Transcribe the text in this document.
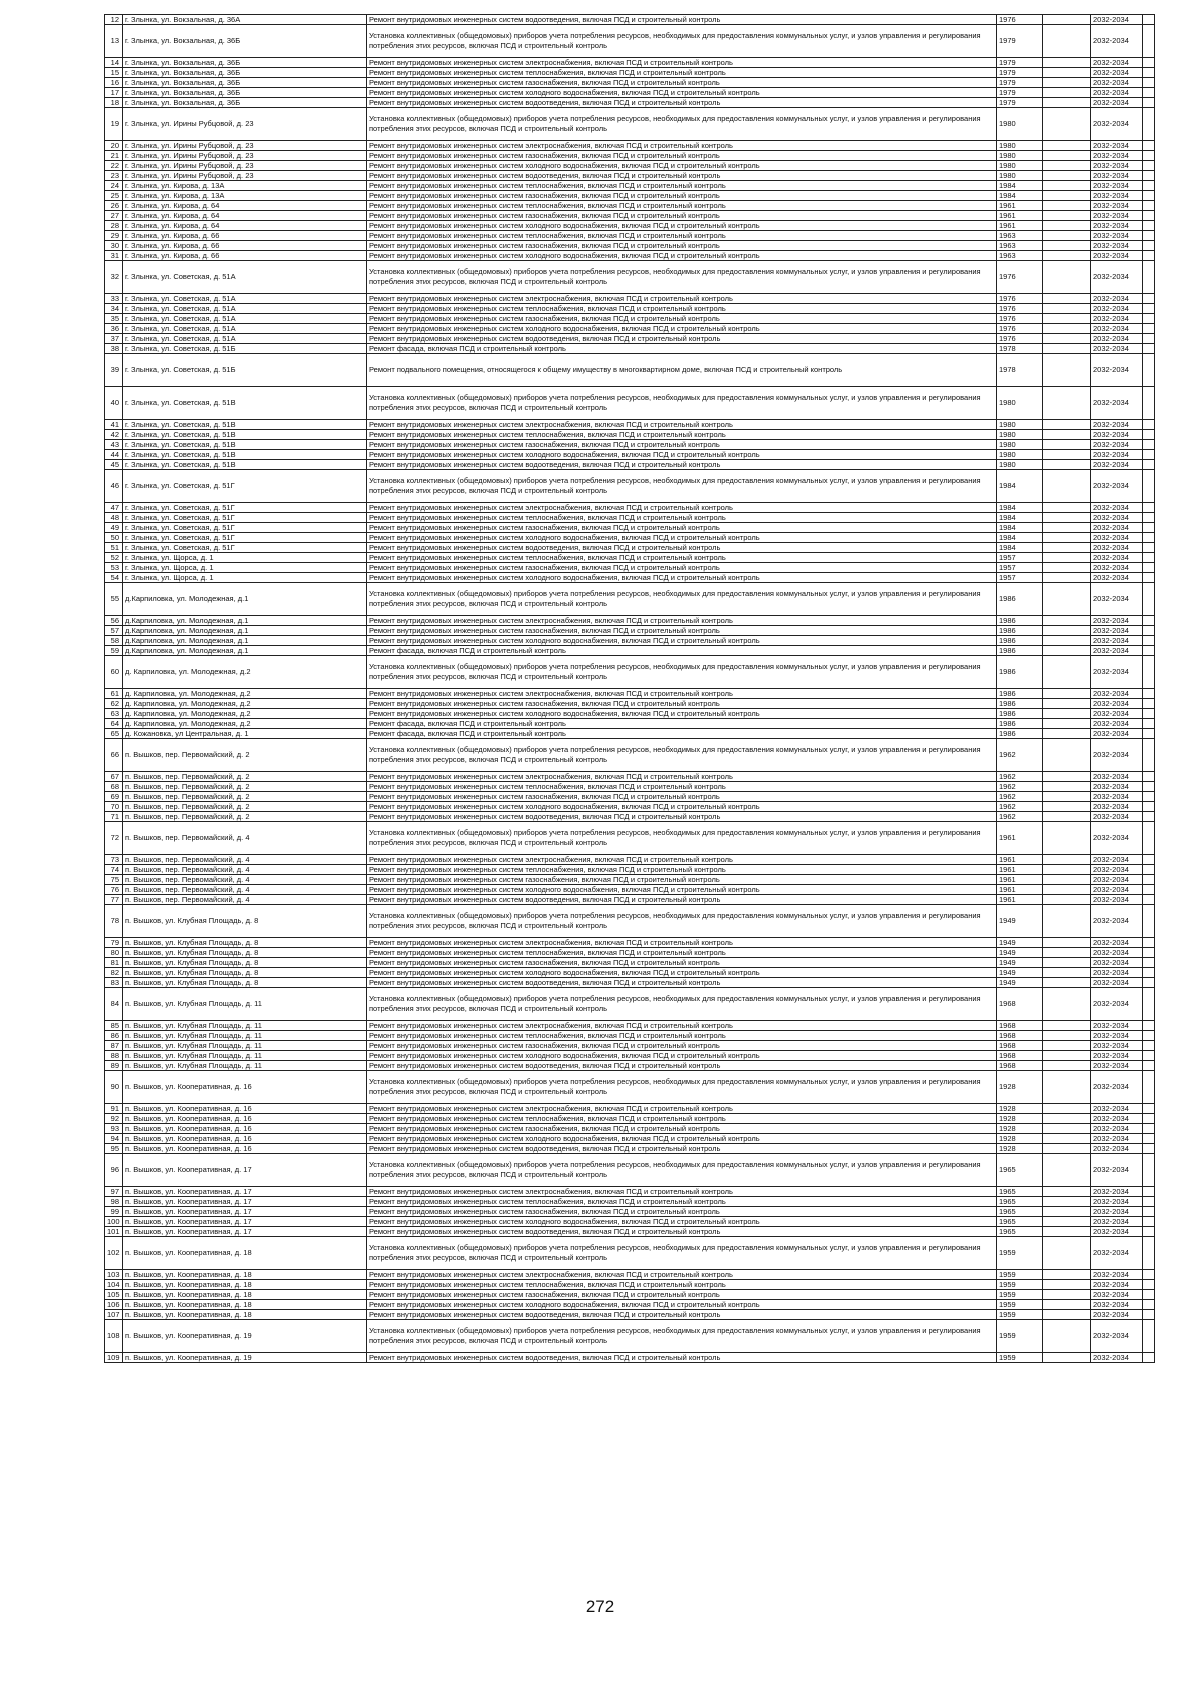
12	г. Злынка, ул. Вокзальная, д. 36А	Ремонт внутридомовых инженерных систем водоотведения, включая ПСД и строительный контроль	1976		2032-2034	
13	г. Злынка, ул. Вокзальная, д. 36Б	Установка коллективных (общедомовых) приборов учета потребления ресурсов, необходимых для предоставления коммунальных услуг, и узлов управления и регулирования потребления этих ресурсов, включая ПСД и строительный контроль	1979		2032-2034	
14	г. Злынка, ул. Вокзальная, д. 36Б	Ремонт внутридомовых инженерных систем электроснабжения, включая ПСД и строительный контроль	1979		2032-2034	
15	г. Злынка, ул. Вокзальная, д. 36Б	Ремонт внутридомовых инженерных систем теплоснабжения, включая ПСД и строительный контроль	1979		2032-2034	
16	г. Злынка, ул. Вокзальная, д. 36Б	Ремонт внутридомовых инженерных систем газоснабжения, включая ПСД и строительный контроль	1979		2032-2034	
17	г. Злынка, ул. Вокзальная, д. 36Б	Ремонт внутридомовых инженерных систем холодного водоснабжения, включая ПСД и строительный контроль	1979		2032-2034	
18	г. Злынка, ул. Вокзальная, д. 36Б	Ремонт внутридомовых инженерных систем водоотведения, включая ПСД и строительный контроль	1979		2032-2034	
19	г. Злынка, ул. Ирины Рубцовой, д. 23	Установка коллективных (общедомовых) приборов учета потребления ресурсов, необходимых для предоставления коммунальных услуг, и узлов управления и регулирования потребления этих ресурсов, включая ПСД и строительный контроль	1980		2032-2034	
20	г. Злынка, ул. Ирины Рубцовой, д. 23	Ремонт внутридомовых инженерных систем электроснабжения, включая ПСД и строительный контроль	1980		2032-2034	
21	г. Злынка, ул. Ирины Рубцовой, д. 23	Ремонт внутридомовых инженерных систем газоснабжения, включая ПСД и строительный контроль	1980		2032-2034	
22	г. Злынка, ул. Ирины Рубцовой, д. 23	Ремонт внутридомовых инженерных систем холодного водоснабжения, включая ПСД и строительный контроль	1980		2032-2034	
23	г. Злынка, ул. Ирины Рубцовой, д. 23	Ремонт внутридомовых инженерных систем водоотведения, включая ПСД и строительный контроль	1980		2032-2034	
24	г. Злынка, ул. Кирова, д. 13А	Ремонт внутридомовых инженерных систем теплоснабжения, включая ПСД и строительный контроль	1984		2032-2034	
25	г. Злынка, ул. Кирова, д. 13А	Ремонт внутридомовых инженерных систем газоснабжения, включая ПСД и строительный контроль	1984		2032-2034	
26	г. Злынка, ул. Кирова, д. 64	Ремонт внутридомовых инженерных систем теплоснабжения, включая ПСД и строительный контроль	1961		2032-2034	
27	г. Злынка, ул. Кирова, д. 64	Ремонт внутридомовых инженерных систем газоснабжения, включая ПСД и строительный контроль	1961		2032-2034	
28	г. Злынка, ул. Кирова, д. 64	Ремонт внутридомовых инженерных систем холодного водоснабжения, включая ПСД и строительный контроль	1961		2032-2034	
29	г. Злынка, ул. Кирова, д. 66	Ремонт внутридомовых инженерных систем теплоснабжения, включая ПСД и строительный контроль	1963		2032-2034	
30	г. Злынка, ул. Кирова, д. 66	Ремонт внутридомовых инженерных систем газоснабжения, включая ПСД и строительный контроль	1963		2032-2034	
31	г. Злынка, ул. Кирова, д. 66	Ремонт внутридомовых инженерных систем холодного водоснабжения, включая ПСД и строительный контроль	1963		2032-2034	
32	г. Злынка, ул. Советская, д. 51А	Установка коллективных (общедомовых) приборов учета потребления ресурсов, необходимых для предоставления коммунальных услуг, и узлов управления и регулирования потребления этих ресурсов, включая ПСД и строительный контроль	1976		2032-2034	
33	г. Злынка, ул. Советская, д. 51А	Ремонт внутридомовых инженерных систем электроснабжения, включая ПСД и строительный контроль	1976		2032-2034	
34	г. Злынка, ул. Советская, д. 51А	Ремонт внутридомовых инженерных систем теплоснабжения, включая ПСД и строительный контроль	1976		2032-2034	
35	г. Злынка, ул. Советская, д. 51А	Ремонт внутридомовых инженерных систем газоснабжения, включая ПСД и строительный контроль	1976		2032-2034	
36	г. Злынка, ул. Советская, д. 51А	Ремонт внутридомовых инженерных систем холодного водоснабжения, включая ПСД и строительный контроль	1976		2032-2034	
37	г. Злынка, ул. Советская, д. 51А	Ремонт внутридомовых инженерных систем водоотведения, включая ПСД и строительный контроль	1976		2032-2034	
38	г. Злынка, ул. Советская, д. 51Б	Ремонт фасада, включая ПСД и строительный контроль	1978		2032-2034	
39	г. Злынка, ул. Советская, д. 51Б	Ремонт подвального помещения, относящегося к общему имуществу в многоквартирном доме, включая ПСД и строительный контроль	1978		2032-2034	
40	г. Злынка, ул. Советская, д. 51В	Установка коллективных (общедомовых) приборов учета потребления ресурсов, необходимых для предоставления коммунальных услуг, и узлов управления и регулирования потребления этих ресурсов, включая ПСД и строительный контроль	1980		2032-2034	
41	г. Злынка, ул. Советская, д. 51В	Ремонт внутридомовых инженерных систем электроснабжения, включая ПСД и строительный контроль	1980		2032-2034	
42	г. Злынка, ул. Советская, д. 51В	Ремонт внутридомовых инженерных систем теплоснабжения, включая ПСД и строительный контроль	1980		2032-2034	
43	г. Злынка, ул. Советская, д. 51В	Ремонт внутридомовых инженерных систем газоснабжения, включая ПСД и строительный контроль	1980		2032-2034	
44	г. Злынка, ул. Советская, д. 51В	Ремонт внутридомовых инженерных систем холодного водоснабжения, включая ПСД и строительный контроль	1980		2032-2034	
45	г. Злынка, ул. Советская, д. 51В	Ремонт внутридомовых инженерных систем водоотведения, включая ПСД и строительный контроль	1980		2032-2034	
46	г. Злынка, ул. Советская, д. 51Г	Установка коллективных (общедомовых) приборов учета потребления ресурсов, необходимых для предоставления коммунальных услуг, и узлов управления и регулирования потребления этих ресурсов, включая ПСД и строительный контроль	1984		2032-2034	
47	г. Злынка, ул. Советская, д. 51Г	Ремонт внутридомовых инженерных систем электроснабжения, включая ПСД и строительный контроль	1984		2032-2034	
48	г. Злынка, ул. Советская, д. 51Г	Ремонт внутридомовых инженерных систем теплоснабжения, включая ПСД и строительный контроль	1984		2032-2034	
49	г. Злынка, ул. Советская, д. 51Г	Ремонт внутридомовых инженерных систем газоснабжения, включая ПСД и строительный контроль	1984		2032-2034	
50	г. Злынка, ул. Советская, д. 51Г	Ремонт внутридомовых инженерных систем холодного водоснабжения, включая ПСД и строительный контроль	1984		2032-2034	
51	г. Злынка, ул. Советская, д. 51Г	Ремонт внутридомовых инженерных систем водоотведения, включая ПСД и строительный контроль	1984		2032-2034	
52	г. Злынка, ул. Щорса, д. 1	Ремонт внутридомовых инженерных систем теплоснабжения, включая ПСД и строительный контроль	1957		2032-2034	
53	г. Злынка, ул. Щорса, д. 1	Ремонт внутридомовых инженерных систем газоснабжения, включая ПСД и строительный контроль	1957		2032-2034	
54	г. Злынка, ул. Щорса, д. 1	Ремонт внутридомовых инженерных систем холодного водоснабжения, включая ПСД и строительный контроль	1957		2032-2034	
55	д.Карпиловка, ул. Молодежная, д.1	Установка коллективных (общедомовых) приборов учета потребления ресурсов, необходимых для предоставления коммунальных услуг, и узлов управления и регулирования потребления этих ресурсов, включая ПСД и строительный контроль	1986		2032-2034	
56	д.Карпиловка, ул. Молодежная, д.1	Ремонт внутридомовых инженерных систем электроснабжения, включая ПСД и строительный контроль	1986		2032-2034	
57	д.Карпиловка, ул. Молодежная, д.1	Ремонт внутридомовых инженерных систем газоснабжения, включая ПСД и строительный контроль	1986		2032-2034	
58	д.Карпиловка, ул. Молодежная, д.1	Ремонт внутридомовых инженерных систем холодного водоснабжения, включая ПСД и строительный контроль	1986		2032-2034	
59	д.Карпиловка, ул. Молодежная, д.1	Ремонт фасада, включая ПСД и строительный контроль	1986		2032-2034	
60	д. Карпиловка, ул. Молодежная, д.2	Установка коллективных (общедомовых) приборов учета потребления ресурсов, необходимых для предоставления коммунальных услуг, и узлов управления и регулирования потребления этих ресурсов, включая ПСД и строительный контроль	1986		2032-2034	
61	д. Карпиловка, ул. Молодежная, д.2	Ремонт внутридомовых инженерных систем электроснабжения, включая ПСД и строительный контроль	1986		2032-2034	
62	д. Карпиловка, ул. Молодежная, д.2	Ремонт внутридомовых инженерных систем газоснабжения, включая ПСД и строительный контроль	1986		2032-2034	
63	д. Карпиловка, ул. Молодежная, д.2	Ремонт внутридомовых инженерных систем холодного водоснабжения, включая ПСД и строительный контроль	1986		2032-2034	
64	д. Карпиловка, ул. Молодежная, д.2	Ремонт фасада, включая ПСД и строительный контроль	1986		2032-2034	
65	д. Кожановка, ул Центральная, д. 1	Ремонт фасада, включая ПСД и строительный контроль	1986		2032-2034	
66	п. Вышков, пер. Первомайский, д. 2	Установка коллективных (общедомовых) приборов учета потребления ресурсов, необходимых для предоставления коммунальных услуг, и узлов управления и регулирования потребления этих ресурсов, включая ПСД и строительный контроль	1962		2032-2034	
67	п. Вышков, пер. Первомайский, д. 2	Ремонт внутридомовых инженерных систем электроснабжения, включая ПСД и строительный контроль	1962		2032-2034	
68	п. Вышков, пер. Первомайский, д. 2	Ремонт внутридомовых инженерных систем теплоснабжения, включая ПСД и строительный контроль	1962		2032-2034	
69	п. Вышков, пер. Первомайский, д. 2	Ремонт внутридомовых инженерных систем газоснабжения, включая ПСД и строительный контроль	1962		2032-2034	
70	п. Вышков, пер. Первомайский, д. 2	Ремонт внутридомовых инженерных систем холодного водоснабжения, включая ПСД и строительный контроль	1962		2032-2034	
71	п. Вышков, пер. Первомайский, д. 2	Ремонт внутридомовых инженерных систем водоотведения, включая ПСД и строительный контроль	1962		2032-2034	
72	п. Вышков, пер. Первомайский, д. 4	Установка коллективных (общедомовых) приборов учета потребления ресурсов, необходимых для предоставления коммунальных услуг, и узлов управления и регулирования потребления этих ресурсов, включая ПСД и строительный контроль	1961		2032-2034	
73	п. Вышков, пер. Первомайский, д. 4	Ремонт внутридомовых инженерных систем электроснабжения, включая ПСД и строительный контроль	1961		2032-2034	
74	п. Вышков, пер. Первомайский, д. 4	Ремонт внутридомовых инженерных систем теплоснабжения, включая ПСД и строительный контроль	1961		2032-2034	
75	п. Вышков, пер. Первомайский, д. 4	Ремонт внутридомовых инженерных систем газоснабжения, включая ПСД и строительный контроль	1961		2032-2034	
76	п. Вышков, пер. Первомайский, д. 4	Ремонт внутридомовых инженерных систем холодного водоснабжения, включая ПСД и строительный контроль	1961		2032-2034	
77	п. Вышков, пер. Первомайский, д. 4	Ремонт внутридомовых инженерных систем водоотведения, включая ПСД и строительный контроль	1961		2032-2034	
78	п. Вышков, ул. Клубная Площадь, д. 8	Установка коллективных (общедомовых) приборов учета потребления ресурсов, необходимых для предоставления коммунальных услуг, и узлов управления и регулирования потребления этих ресурсов, включая ПСД и строительный контроль	1949		2032-2034	
79	п. Вышков, ул. Клубная Площадь, д. 8	Ремонт внутридомовых инженерных систем электроснабжения, включая ПСД и строительный контроль	1949		2032-2034	
80	п. Вышков, ул. Клубная Площадь, д. 8	Ремонт внутридомовых инженерных систем теплоснабжения, включая ПСД и строительный контроль	1949		2032-2034	
81	п. Вышков, ул. Клубная Площадь, д. 8	Ремонт внутридомовых инженерных систем газоснабжения, включая ПСД и строительный контроль	1949		2032-2034	
82	п. Вышков, ул. Клубная Площадь, д. 8	Ремонт внутридомовых инженерных систем холодного водоснабжения, включая ПСД и строительный контроль	1949		2032-2034	
83	п. Вышков, ул. Клубная Площадь, д. 8	Ремонт внутридомовых инженерных систем водоотведения, включая ПСД и строительный контроль	1949		2032-2034	
84	п. Вышков, ул. Клубная Площадь, д. 11	Установка коллективных (общедомовых) приборов учета потребления ресурсов, необходимых для предоставления коммунальных услуг, и узлов управления и регулирования потребления этих ресурсов, включая ПСД и строительный контроль	1968		2032-2034	
85	п. Вышков, ул. Клубная Площадь, д. 11	Ремонт внутридомовых инженерных систем электроснабжения, включая ПСД и строительный контроль	1968		2032-2034	
86	п. Вышков, ул. Клубная Площадь, д. 11	Ремонт внутридомовых инженерных систем теплоснабжения, включая ПСД и строительный контроль	1968		2032-2034	
87	п. Вышков, ул. Клубная Площадь, д. 11	Ремонт внутридомовых инженерных систем газоснабжения, включая ПСД и строительный контроль	1968		2032-2034	
88	п. Вышков, ул. Клубная Площадь, д. 11	Ремонт внутридомовых инженерных систем холодного водоснабжения, включая ПСД и строительный контроль	1968		2032-2034	
89	п. Вышков, ул. Клубная Площадь, д. 11	Ремонт внутридомовых инженерных систем водоотведения, включая ПСД и строительный контроль	1968		2032-2034	
90	п. Вышков, ул. Кооперативная, д. 16	Установка коллективных (общедомовых) приборов учета потребления ресурсов, необходимых для предоставления коммунальных услуг, и узлов управления и регулирования потребления этих ресурсов, включая ПСД и строительный контроль	1928		2032-2034	
91	п. Вышков, ул. Кооперативная, д. 16	Ремонт внутридомовых инженерных систем электроснабжения, включая ПСД и строительный контроль	1928		2032-2034	
92	п. Вышков, ул. Кооперативная, д. 16	Ремонт внутридомовых инженерных систем теплоснабжения, включая ПСД и строительный контроль	1928		2032-2034	
93	п. Вышков, ул. Кооперативная, д. 16	Ремонт внутридомовых инженерных систем газоснабжения, включая ПСД и строительный контроль	1928		2032-2034	
94	п. Вышков, ул. Кооперативная, д. 16	Ремонт внутридомовых инженерных систем холодного водоснабжения, включая ПСД и строительный контроль	1928		2032-2034	
95	п. Вышков, ул. Кооперативная, д. 16	Ремонт внутридомовых инженерных систем водоотведения, включая ПСД и строительный контроль	1928		2032-2034	
96	п. Вышков, ул. Кооперативная, д. 17	Установка коллективных (общедомовых) приборов учета потребления ресурсов, необходимых для предоставления коммунальных услуг, и узлов управления и регулирования потребления этих ресурсов, включая ПСД и строительный контроль	1965		2032-2034	
97	п. Вышков, ул. Кооперативная, д. 17	Ремонт внутридомовых инженерных систем электроснабжения, включая ПСД и строительный контроль	1965		2032-2034	
98	п. Вышков, ул. Кооперативная, д. 17	Ремонт внутридомовых инженерных систем теплоснабжения, включая ПСД и строительный контроль	1965		2032-2034	
99	п. Вышков, ул. Кооперативная, д. 17	Ремонт внутридомовых инженерных систем газоснабжения, включая ПСД и строительный контроль	1965		2032-2034	
100	п. Вышков, ул. Кооперативная, д. 17	Ремонт внутридомовых инженерных систем холодного водоснабжения, включая ПСД и строительный контроль	1965		2032-2034	
101	п. Вышков, ул. Кооперативная, д. 17	Ремонт внутридомовых инженерных систем водоотведения, включая ПСД и строительный контроль	1965		2032-2034	
102	п. Вышков, ул. Кооперативная, д. 18	Установка коллективных (общедомовых) приборов учета потребления ресурсов, необходимых для предоставления коммунальных услуг, и узлов управления и регулирования потребления этих ресурсов, включая ПСД и строительный контроль	1959		2032-2034	
103	п. Вышков, ул. Кооперативная, д. 18	Ремонт внутридомовых инженерных систем электроснабжения, включая ПСД и строительный контроль	1959		2032-2034	
104	п. Вышков, ул. Кооперативная, д. 18	Ремонт внутридомовых инженерных систем теплоснабжения, включая ПСД и строительный контроль	1959		2032-2034	
105	п. Вышков, ул. Кооперативная, д. 18	Ремонт внутридомовых инженерных систем газоснабжения, включая ПСД и строительный контроль	1959		2032-2034	
106	п. Вышков, ул. Кооперативная, д. 18	Ремонт внутридомовых инженерных систем холодного водоснабжения, включая ПСД и строительный контроль	1959		2032-2034	
107	п. Вышков, ул. Кооперативная, д. 18	Ремонт внутридомовых инженерных систем водоотведения, включая ПСД и строительный контроль	1959		2032-2034	
108	п. Вышков, ул. Кооперативная, д. 19	Установка коллективных (общедомовых) приборов учета потребления ресурсов, необходимых для предоставления коммунальных услуг, и узлов управления и регулирования потребления этих ресурсов, включая ПСД и строительный контроль	1959		2032-2034	
109	п. Вышков, ул. Кооперативная, д. 19	Ремонт внутридомовых инженерных систем водоотведения, включая ПСД и строительный контроль	1959		2032-2034	
272
